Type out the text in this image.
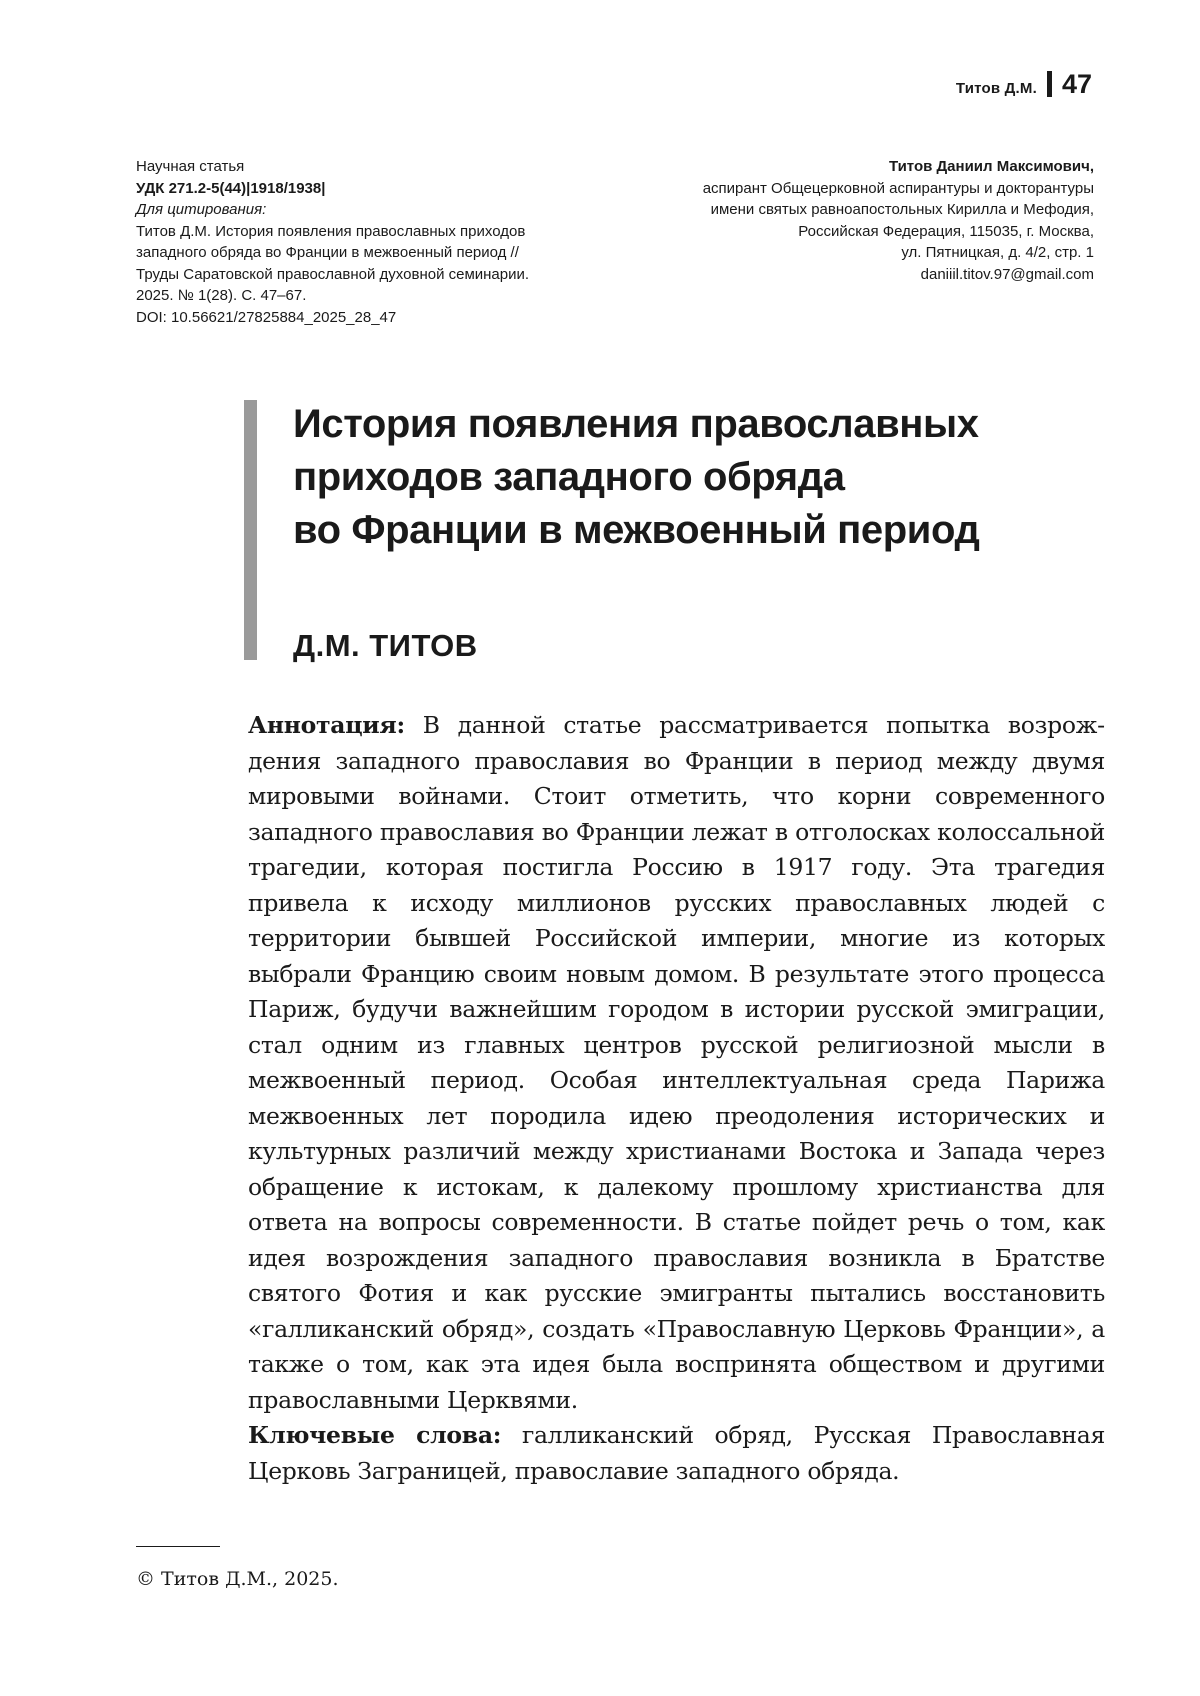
Титов Д.М. 47
Научная статья
УДК 271.2-5(44)|1918/1938|
Для цитирования:
Титов Д.М. История появления православных приходов
западного обряда во Франции в межвоенный период //
Труды Саратовской православной духовной семинарии.
2025. № 1(28). С. 47–67.
DOI: 10.56621/27825884_2025_28_47
Титов Даниил Максимович,
аспирант Общецерковной аспирантуры и докторантуры
имени святых равноапостольных Кирилла и Мефодия,
Российская Федерация, 115035, г. Москва,
ул. Пятницкая, д. 4/2, стр. 1
daniiil.titov.97@gmail.com
История появления православных
приходов западного обряда
во Франции в межвоенный период
Д.М. ТИТОВ

Аннотация: В данной статье рассматривается попытка возрождения западного православия во Франции в период между двумя мировыми войнами. Стоит отметить, что корни современного западного православия во Франции лежат в отголосках колоссальной трагедии, которая постигла Россию в 1917 году. Эта трагедия привела к исходу миллионов русских православных людей с территории бывшей Российской империи, многие из которых выбрали Францию своим новым домом. В результате этого процесса Париж, будучи важнейшим городом в истории русской эмиграции, стал одним из главных центров русской религиозной мысли в межвоенный период. Особая интеллектуальная среда Парижа межвоенных лет породила идею преодоления исторических и культурных различий между христианами Востока и Запада через обращение к истокам, к далекому прошлому христианства для ответа на вопросы современности. В статье пойдет речь о том, как идея возрождения западного православия возникла в Братстве святого Фотия и как русские эмигранты пытались восстановить «галликанский обряд», создать «Православную Церковь Франции», а также о том, как эта идея была воспринята обществом и другими православными Церквями.

Ключевые слова: галликанский обряд, Русская Православная Церковь Заграницей, православие западного обряда.

© Титов Д.М., 2025.
